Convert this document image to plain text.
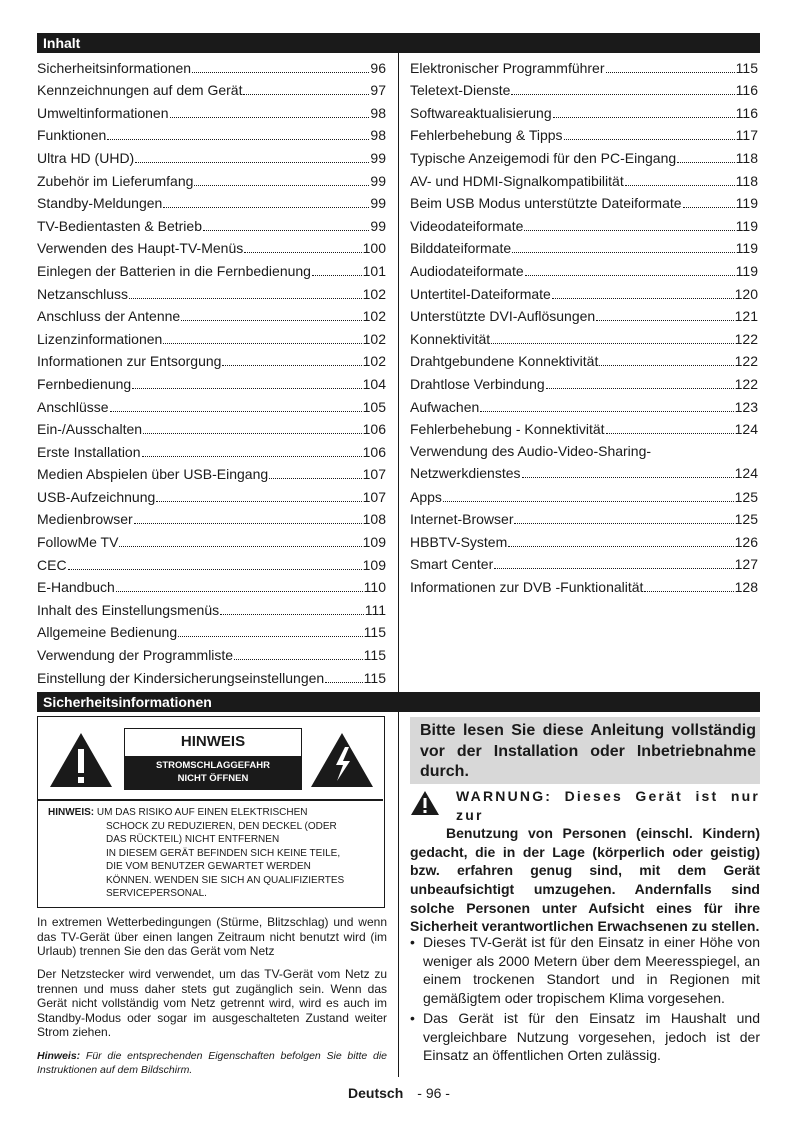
Inhalt
Sicherheitsinformationen	96
Kennzeichnungen auf dem Gerät	97
Umweltinformationen	98
Funktionen	98
Ultra HD (UHD)	99
Zubehör im Lieferumfang	99
Standby-Meldungen	99
TV-Bedientasten & Betrieb	99
Verwenden des Haupt-TV-Menüs	100
Einlegen der Batterien in die Fernbedienung	101
Netzanschluss	102
Anschluss der Antenne	102
Lizenzinformationen	102
Informationen zur Entsorgung	102
Fernbedienung	104
Anschlüsse	105
Ein-/Ausschalten	106
Erste Installation	106
Medien Abspielen über USB-Eingang	107
USB-Aufzeichnung	107
Medienbrowser	108
FollowMe TV	109
CEC	109
E-Handbuch	110
Inhalt des Einstellungsmenüs	111
Allgemeine Bedienung	115
Verwendung der Programmliste	115
Einstellung der Kindersicherungseinstellungen	115
Elektronischer Programmführer	115
Teletext-Dienste	116
Softwareaktualisierung	116
Fehlerbehebung & Tipps	117
Typische Anzeigemodi für den PC-Eingang	118
AV- und HDMI-Signalkompatibilität	118
Beim USB Modus unterstützte Dateiformate	119
Videodateiformate	119
Bilddateiformate	119
Audiodateiformate	119
Untertitel-Dateiformate	120
Unterstützte DVI-Auflösungen	121
Konnektivität	122
Drahtgebundene Konnektivität	122
Drahtlose Verbindung	122
Aufwachen	123
Fehlerbehebung - Konnektivität	124
Verwendung des Audio-Video-Sharing-
Netzwerkdienstes	124
Apps	125
Internet-Browser	125
HBBTV-System	126
Smart Center	127
Informationen zur DVB -Funktionalität	128
Sicherheitsinformationen
HINWEIS
STROMSCHLAGGEFAHR
NICHT ÖFFNEN
HINWEIS: UM DAS RISIKO AUF EINEN ELEKTRISCHEN
SCHOCK ZU REDUZIEREN, DEN DECKEL (ODER
DAS RÜCKTEIL) NICHT ENTFERNEN
IN DIESEM GERÄT BEFINDEN SICH KEINE TEILE,
DIE VOM BENUTZER GEWARTET WERDEN
KÖNNEN. WENDEN SIE SICH AN QUALIFIZIERTES
SERVICEPERSONAL.

In extremen Wetterbedingungen (Stürme, Blitzschlag) und wenn das TV-Gerät über einen langen Zeitraum nicht benutzt wird (im Urlaub) trennen Sie den das Gerät vom Netz

Der Netzstecker wird verwendet, um das TV-Gerät vom Netz zu trennen und muss daher stets gut zugänglich sein. Wenn das Gerät nicht vollständig vom Netz getrennt wird, wird es auch im Standby-Modus oder sogar im ausgeschalteten Zustand weiter Strom ziehen.

Hinweis: Für die entsprechenden Eigenschaften befolgen Sie bitte die Instruktionen auf dem Bildschirm.

Bitte lesen Sie diese Anleitung vollständig vor der Installation oder Inbetriebnahme durch.
WARNUNG: Dieses Gerät ist nur zur
Benutzung von Personen (einschl. Kindern) gedacht, die in der Lage (körperlich oder geistig) bzw. erfahren genug sind, mit dem Gerät unbeaufsichtigt umzugehen. Andernfalls sind solche Personen unter Aufsicht eines für ihre Sicherheit verantwortlichen Erwachsenen zu stellen.
• Dieses TV-Gerät ist für den Einsatz in einer Höhe von weniger als 2000 Metern über dem Meeresspiegel, an einem trockenen Standort und in Regionen mit gemäßigtem oder tropischem Klima vorgesehen.
• Das Gerät ist für den Einsatz im Haushalt und vergleichbare Nutzung vorgesehen, jedoch ist der Einsatz an öffentlichen Orten zulässig.
Deutsch - 96 -
